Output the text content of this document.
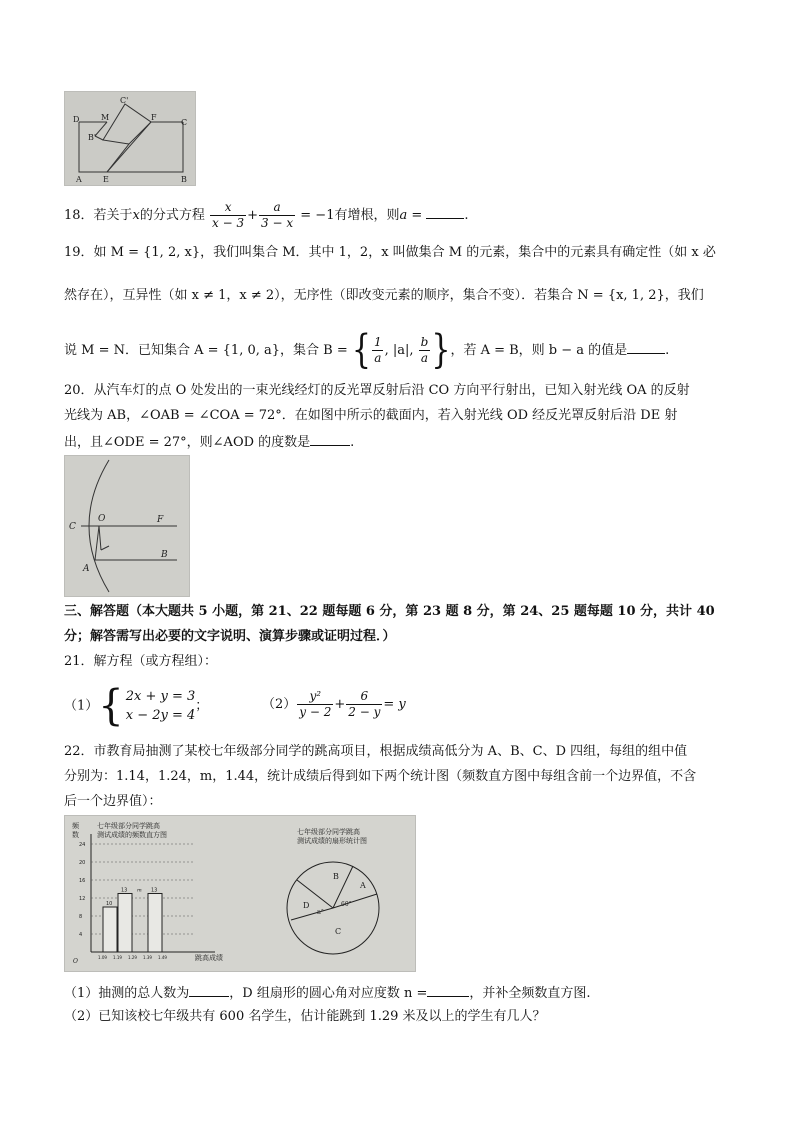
C'
M	F
D	C
B'
A	E	B
18．若关于x的分式方程 $\frac{x}{x - 3} + \frac{a}{3 - x} = -1$有增根，则a =	.
19．如 M = {1, 2, x}，我们叫集合 M．其中 1，2，x 叫做集合 M 的元素，集合中的元素具有确定性（如 x 必
然存在），互异性（如 x ≠ 1，x ≠ 2），无序性（即改变元素的顺序，集合不变）．若集合 N = {x, 1, 2}，我们
说 M = N．已知集合 A = {1, 0, a}，集合 B = { $\frac{1}{a}$ , |a|, $\frac{b}{a}$ }，若 A = B，则 b − a 的值是	.
20．从汽车灯的点 O 处发出的一束光线经灯的反光罩反射后沿 CO 方向平行射出，已知入射光线 OA 的反射
光线为 AB，∠OAB = ∠COA = 72°．在如图中所示的截面内，若入射光线 OD 经反光罩反射后沿 DE 射
出，且∠ODE = 27°，则∠AOD 的度数是	.
C
O	F
B
A
三、解答题（本大题共 5 小题，第 21、22 题每题 6 分，第 23 题 8 分，第 24、25 题每题 10 分，共计 40
分；解答需写出必要的文字说明、演算步骤或证明过程．）
21．解方程（或方程组）：
（1） { 2x + y = 3
x − 2y = 4
；	$(2) \frac{\text{y²}}{y - 2} + \frac{6}{2 - y} = y$
22．市教育局抽测了某校七年级部分同学的跳高项目，根据成绩高低分为 A、B、C、D 四组，每组的组中值
分别为：1.14，1.24，m，1.44，统计成绩后得到如下两个统计图（频数直方图中每组含前一个边界值，不含
后一个边界值）：
七年级部分同学跳高
测试成绩的频数直方图
频
数
跳高成绩
O
24
20
16
12
8
4
10
13	13
m
1.09 1.19 1.29 1.39 1.49
七年级部分同学跳高
测试成绩的扇形统计图
B
A
D
C
n°
60°
（1）抽测的总人数为	，D 组扇形的圆心角对应度数 n =	，并补全频数直方图.
（2）已知该校七年级共有 600 名学生，估计能跳到 1.29 米及以上的学生有几人？
